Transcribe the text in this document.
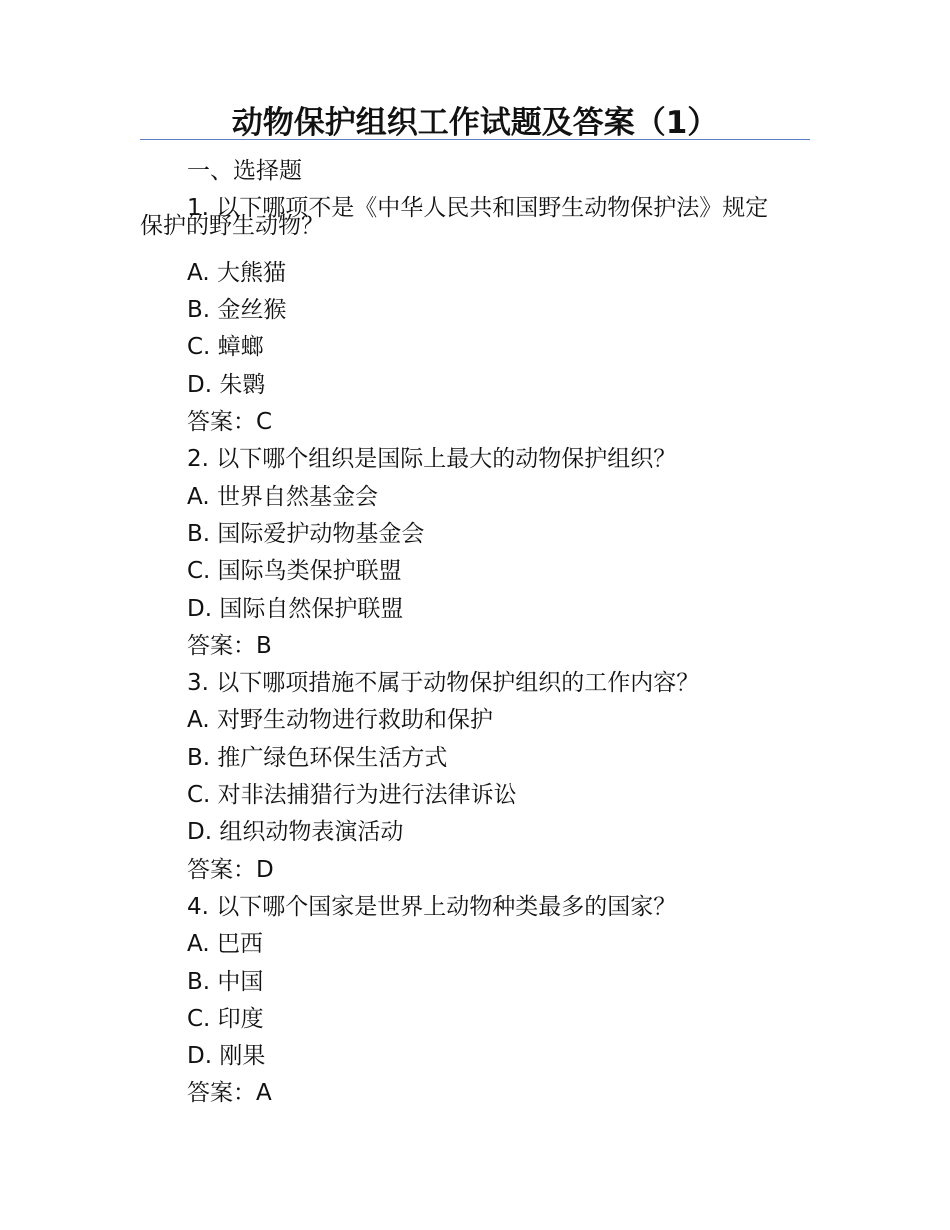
动物保护组织工作试题及答案（1）
一、选择题
1. 以下哪项不是《中华人民共和国野生动物保护法》规定
保护的野生动物？
A. 大熊猫
B. 金丝猴
C. 蟑螂
D. 朱鹮
答案：C
2. 以下哪个组织是国际上最大的动物保护组织？
A. 世界自然基金会
B. 国际爱护动物基金会
C. 国际鸟类保护联盟
D. 国际自然保护联盟
答案：B
3. 以下哪项措施不属于动物保护组织的工作内容？
A. 对野生动物进行救助和保护
B. 推广绿色环保生活方式
C. 对非法捕猎行为进行法律诉讼
D. 组织动物表演活动
答案：D
4. 以下哪个国家是世界上动物种类最多的国家？
A. 巴西
B. 中国
C. 印度
D. 刚果
答案：A
